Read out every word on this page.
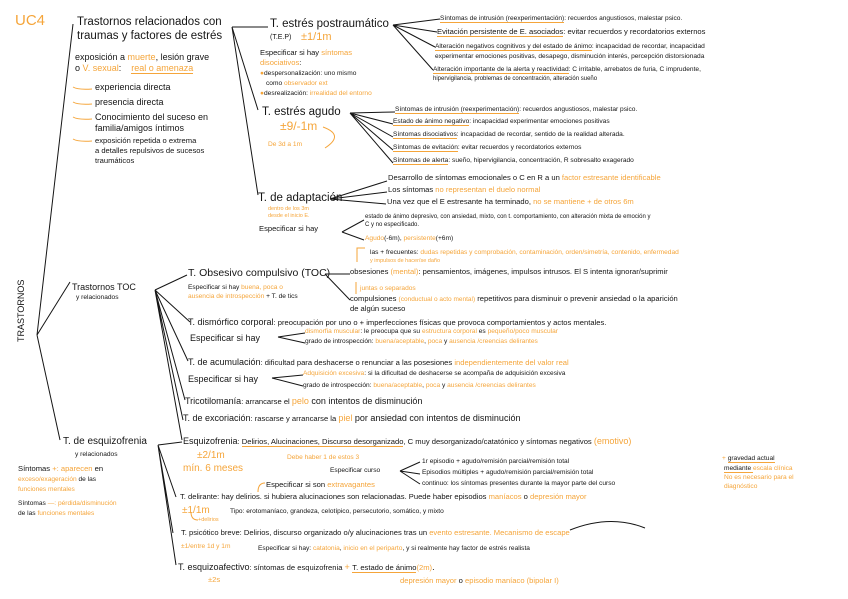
UC4
TRASTORNOS
Trastornos relacionados con
traumas y factores de estrés
exposición a muerte, lesión grave
o V. sexual: real o amenaza
experiencia directa
presencia directa
Conocimiento del suceso en
familia/amigos íntimos
exposición repetida o extrema
a detalles repulsivos de sucesos
traumáticos
T. estrés postraumático
(T.E.P) ±1/1m
Especificar si hay síntomas
disociativos:
●despersonalización: uno mismo
como observador ext
●desrealización: irrealidad del entorno
Síntomas de intrusión (reexperimentación): recuerdos angustiosos, malestar psico.
Evitación persistente de E. asociados: evitar recuerdos y recordatorios externos
Alteración negativos cognitivos y del estado de ánimo: incapacidad de recordar, incapacidad
experimentar emociones positivas, desapego, disminución interés, percepción distorsionada
Alteración importante de la alerta y reactividad: C irritable, arrebatos de furia, C imprudente,
hipervigilancia, problemas de concentración, alteración sueño
T. estrés agudo
±9/-1m
De 3d a 1m
Síntomas de intrusión (reexperimentación): recuerdos angustiosos, malestar psico.
Estado de ánimo negativo: incapacidad experimentar emociones positivas
Síntomas disociativos: incapacidad de recordar, sentido de la realidad alterada.
Síntomas de evitación: evitar recuerdos y recordatorios externos
Síntomas de alerta: sueño, hipervigilancia, concentración, R sobresalto exagerado
T. de adaptación
dentro de los 3m
desde el inicio E.
Desarrollo de síntomas emocionales o C en R a un factor estresante identificable
Los síntomas no representan el duelo normal
Una vez que el E estresante ha terminado, no se mantiene + de otros 6m
Especificar si hay
estado de ánimo depresivo, con ansiedad, mixto, con t. comportamiento, con alteración mixta de emoción y
C y no especificado.
Agudo(-6m), persistente(+6m)
Trastornos TOC
y relacionados
T. Obsesivo compulsivo (TOC)
Especificar si hay buena, poca o
ausencia de introspección + T. de tics
las + frecuentes: dudas repetidas y comprobación, contaminación, orden/simetría, contenido, enfermedad
y impulsos de hacer/se daño
obsesiones (mental): pensamientos, imágenes, impulsos intrusos. El S intenta ignorar/suprimir
juntas o separados
compulsiones (conductual o acto mental) repetitivos para disminuir o prevenir ansiedad o la aparición
de algún suceso
T. dismórfico corporal: preocupación por uno o + imperfecciones físicas que provoca comportamientos y actos mentales.
Especificar si hay
dismorfia muscular: le preocupa que su estructura corporal es pequeño/poco muscular
grado de introspección: buena/aceptable, poca y ausencia /creencias delirantes
T. de acumulación: dificultad para deshacerse o renunciar a las posesiones independientemente del valor real
Especificar si hay
Adquisición excesiva: si la dificultad de deshacerse se acompaña de adquisición excesiva
grado de introspección: buena/aceptable, poca y ausencia /creencias delirantes
Tricotilomanía: arrancarse el pelo con intentos de disminución
T. de excoriación: rascarse y arrancarse la piel por ansiedad con intentos de disminución
T. de esquizofrenia
y relacionados
Síntomas +: aparecen en
exceso/exageración de las
funciones mentales
Síntomas —: pérdida/disminución
de las funciones mentales
Esquizofrenia: Delirios, Alucinaciones, Discurso desorganizado, C muy desorganizado/catatónico y síntomas negativos (emotivo)
±2/1m
mín. 6 meses
Debe haber 1 de estos 3
Especificar curso
1r episodio + agudo/remisión parcial/remisión total
Episodios múltiples + agudo/remisión parcial/remisión total
continuo: los síntomas presentes durante la mayor parte del curso
+ gravedad actual
mediante escala clínica
No es necesario para el
diagnóstico
Especificar si son extravagantes
T. delirante: hay delirios. si hubiera alucinaciones son relacionadas. Puede haber episodios maníacos o depresión mayor
±1/1m
+delirios
Tipo: erotomaníaco, grandeza, celotípico, persecutorio, somático, y mixto
T. psicótico breve: Delirios, discurso organizado o/y alucinaciones tras un evento estresante. Mecanismo de escape
±1/entre 1d y 1m	Especificar si hay: catatonia, inicio en el periparto, y si realmente hay factor de estrés realista
T. esquizoafectivo: síntomas de esquizofrenia + T. estado de ánimo(2m).
±2s	depresión mayor o episodio maníaco (bipolar I)
